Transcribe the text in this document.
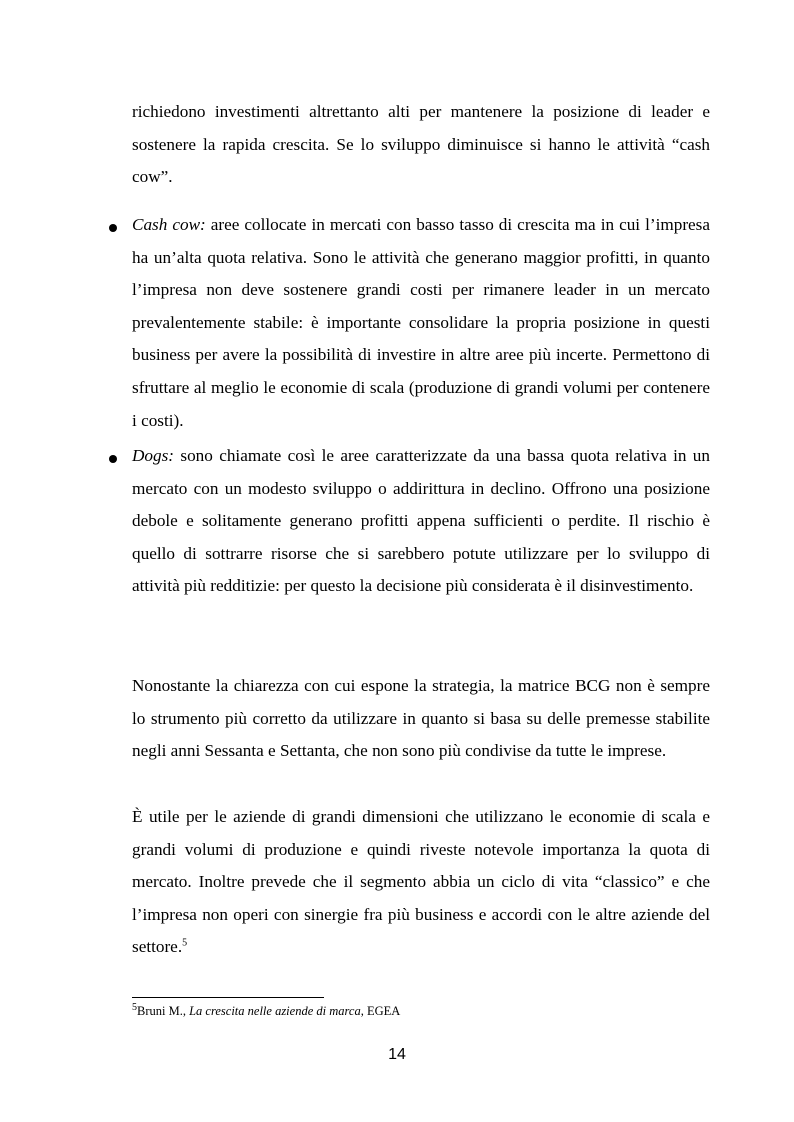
richiedono investimenti altrettanto alti per mantenere la posizione di leader e sostenere la rapida crescita. Se lo sviluppo diminuisce si hanno le attività “cash cow”.

Cash cow: aree collocate in mercati con basso tasso di crescita ma in cui l’impresa ha un’alta quota relativa. Sono le attività che generano maggior profitti, in quanto l’impresa non deve sostenere grandi costi per rimanere leader in un mercato prevalentemente stabile: è importante consolidare la propria posizione in questi business per avere la possibilità di investire in altre aree più incerte. Permettono di sfruttare al meglio le economie di scala (produzione di grandi volumi per contenere i costi).

Dogs: sono chiamate così le aree caratterizzate da una bassa quota relativa in un mercato con un modesto sviluppo o addirittura in declino. Offrono una posizione debole e solitamente generano profitti appena sufficienti o perdite. Il rischio è quello di sottrarre risorse che si sarebbero potute utilizzare per lo sviluppo di attività più redditizie: per questo la decisione più considerata è il disinvestimento.

Nonostante la chiarezza con cui espone la strategia, la matrice BCG non è sempre lo strumento più corretto da utilizzare in quanto si basa su delle premesse stabilite negli anni Sessanta e Settanta, che non sono più condivise da tutte le imprese.

È utile per le aziende di grandi dimensioni che utilizzano le economie di scala e grandi volumi di produzione e quindi riveste notevole importanza la quota di mercato. Inoltre prevede che il segmento abbia un ciclo di vita “classico” e che l’impresa non operi con sinergie fra più business e accordi con le altre aziende del settore.$^5$

$^5$Bruni M., La crescita nelle aziende di marca, EGEA
14
